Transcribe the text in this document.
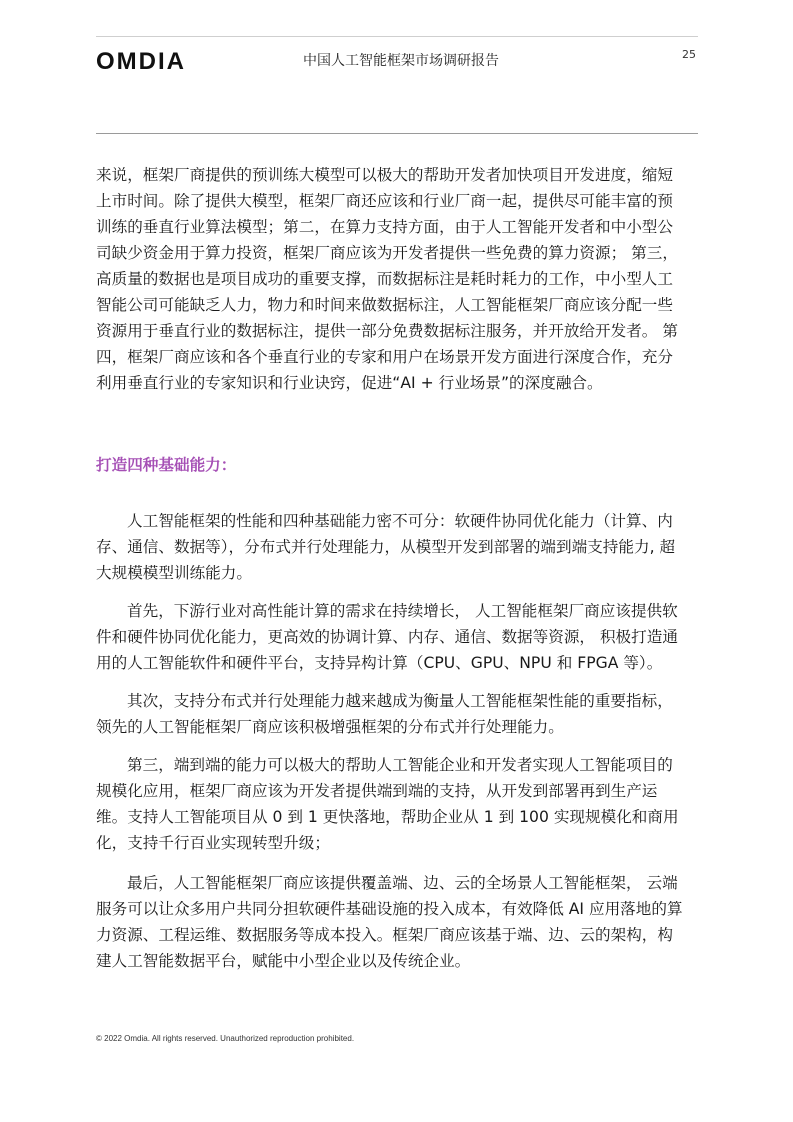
OMDIA	中国人工智能框架市场调研报告	25
来说，框架厂商提供的预训练大模型可以极大的帮助开发者加快项目开发进度，缩短
上市时间。除了提供大模型，框架厂商还应该和行业厂商一起，提供尽可能丰富的预
训练的垂直行业算法模型；第二，在算力支持方面，由于人工智能开发者和中小型公
司缺少资金用于算力投资，框架厂商应该为开发者提供一些免费的算力资源； 第三，
高质量的数据也是项目成功的重要支撑，而数据标注是耗时耗力的工作，中小型人工
智能公司可能缺乏人力，物力和时间来做数据标注，人工智能框架厂商应该分配一些
资源用于垂直行业的数据标注，提供一部分免费数据标注服务，并开放给开发者。 第
四，框架厂商应该和各个垂直行业的专家和用户在场景开发方面进行深度合作，充分
利用垂直行业的专家知识和行业诀窍，促进“AI + 行业场景”的深度融合。
打造四种基础能力：
人工智能框架的性能和四种基础能力密不可分：软硬件协同优化能力（计算、内
存、通信、数据等），分布式并行处理能力，从模型开发到部署的端到端支持能力, 超
大规模模型训练能力。
首先，下游行业对高性能计算的需求在持续增长， 人工智能框架厂商应该提供软
件和硬件协同优化能力，更高效的协调计算、内存、通信、数据等资源， 积极打造通
用的人工智能软件和硬件平台，支持异构计算（CPU、GPU、NPU 和 FPGA 等）。
其次，支持分布式并行处理能力越来越成为衡量人工智能框架性能的重要指标，
领先的人工智能框架厂商应该积极增强框架的分布式并行处理能力。
第三，端到端的能力可以极大的帮助人工智能企业和开发者实现人工智能项目的
规模化应用，框架厂商应该为开发者提供端到端的支持，从开发到部署再到生产运
维。支持人工智能项目从 0 到 1 更快落地，帮助企业从 1 到 100 实现规模化和商用
化，支持千行百业实现转型升级；
最后，人工智能框架厂商应该提供覆盖端、边、云的全场景人工智能框架， 云端
服务可以让众多用户共同分担软硬件基础设施的投入成本，有效降低 AI 应用落地的算
力资源、工程运维、数据服务等成本投入。框架厂商应该基于端、边、云的架构，构
建人工智能数据平台，赋能中小型企业以及传统企业。
© 2022 Omdia. All rights reserved. Unauthorized reproduction prohibited.
